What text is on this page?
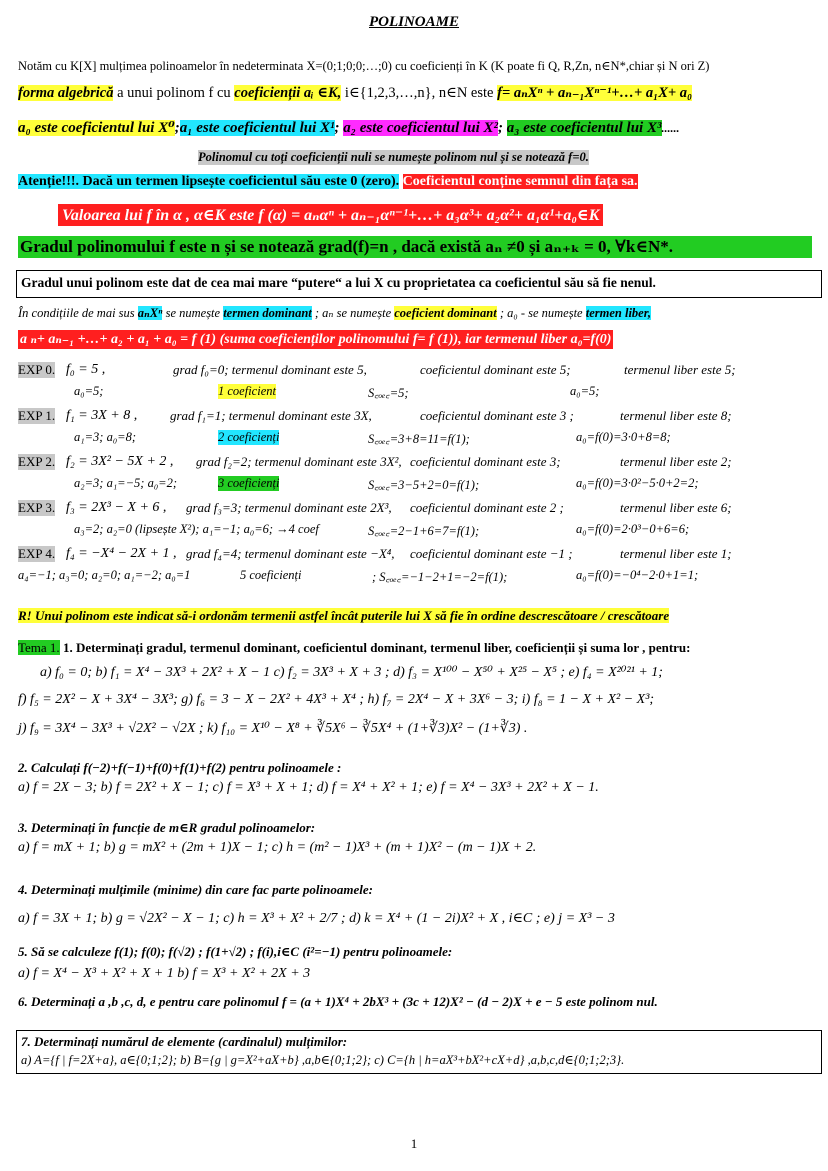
POLINOAME
Notăm cu K[X] mulțimea polinoamelor în nedeterminata X=(0;1;0;0;…;0) cu coeficienți în K (K poate fi Q, R,Zn, n∈N*,chiar și N ori Z)
forma algebrică a unui polinom f cu coeficienții aᵢ ∈K, i∈{1,2,3,…,n}, n∈N este f= aₙXⁿ + aₙ₋₁Xⁿ⁻¹+…+ a₁X+ a₀
a₀ este coeficientul lui X⁰;a₁ este coeficientul lui X¹; a₂ este coeficientul lui X²; a₃ este coeficientul lui X³......
Polinomul cu toți coeficienții nuli se numește polinom nul și se notează f=0.
Atenție!!!. Dacă un termen lipsește coeficientul său este 0 (zero). Coeficientul conține semnul din fața sa.
Valoarea lui f în α , α∈K este f (α) = aₙαⁿ + aₙ₋₁αⁿ⁻¹+…+ a₃α³+ a₂α²+ a₁α¹+a₀∈K
Gradul polinomului f este n și se notează grad(f)=n , dacă există aₙ ≠0 și aₙ₊ₖ = 0, ∀k∈N*.
Gradul unui polinom este dat de cea mai mare “putere“ a lui X cu proprietatea ca coeficientul său să fie nenul.
În condițiile de mai sus aₙXⁿ se numește termen dominant ; aₙ se numește coeficient dominant ; a₀ - se numește termen liber,
a ₙ+ aₙ₋₁ +…+ a₂ + a₁ + a₀ = f (1) (suma coeficienților polinomului f= f (1)), iar termenul liber a₀=f(0)
EXP 0. f₀ = 5 ,	grad f₀=0; termenul dominant este 5,	coeficientul dominant este 5;	termenul liber este 5;
a₀=5;	1 coeficient	S꜀ₒₑ꜀=5;	a₀=5;
EXP 1. f₁ = 3X + 8 ,	grad f₁=1; termenul dominant este 3X,	coeficientul dominant este 3 ;	termenul liber este 8;
a₁=3; a₀=8;	2 coeficienți	S꜀ₒₑ꜀=3+8=11=f(1);	a₀=f(0)=3·0+8=8;
EXP 2. f₂ = 3X² − 5X + 2 , grad f₂=2; termenul dominant este 3X², coeficientul dominant este 3;	termenul liber este 2;
a₂=3; a₁=−5; a₀=2;	3 coeficienți	S꜀ₒₑ꜀=3−5+2=0=f(1);	a₀=f(0)=3·0²−5·0+2=2;
EXP 3. f₃ = 2X³ − X + 6 , grad f₃=3; termenul dominant este 2X³, coeficientul dominant este 2 ;	termenul liber este 6;
a₃=2; a₂=0 (lipsește X²); a₁=−1; a₀=6; →4 coef	S꜀ₒₑ꜀=2−1+6=7=f(1);	a₀=f(0)=2·0³−0+6=6;
EXP 4. f₄ = −X⁴ − 2X + 1 , grad f₄=4; termenul dominant este −X⁴, coeficientul dominant este −1 ;	termenul liber este 1;
a₄=−1; a₃=0; a₂=0; a₁=−2; a₀=1	5 coeficienți	; S꜀ₒₑ꜀=−1−2+1=−2=f(1);	a₀=f(0)=−0⁴−2·0+1=1;
R! Unui polinom este indicat să-i ordonăm termenii astfel încât puterile lui X să fie în ordine descrescătoare / crescătoare
Tema 1. 1. Determinați gradul, termenul dominant, coeficientul dominant, termenul liber, coeficienții și suma lor , pentru:
a) f₀ = 0; b) f₁ = X⁴ − 3X³ + 2X² + X − 1 c) f₂ = 3X³ + X + 3 ; d) f₃ = X¹⁰⁰ − X⁵⁰ + X²⁵ − X⁵ ; e) f₄ = X²⁰²¹ + 1;
f) f₅ = 2X² − X + 3X⁴ − 3X³; g) f₆ = 3 − X − 2X² + 4X³ + X⁴ ; h) f₇ = 2X⁴ − X + 3X⁶ − 3; i) f₈ = 1 − X + X² − X³;
j) f₉ = 3X⁴ − 3X³ + √2X² − √2X ; k) f₁₀ = X¹⁰ − X⁸ + ∛5X⁶ − ∛5X⁴ + (1+∛3)X² − (1+∛3) .
2. Calculați f(−2)+f(−1)+f(0)+f(1)+f(2) pentru polinoamele :
a) f = 2X − 3; b) f = 2X² + X − 1; c) f = X³ + X + 1; d) f = X⁴ + X² + 1; e) f = X⁴ − 3X³ + 2X² + X − 1.
3. Determinați în funcție de m∈R gradul polinoamelor:
a) f = mX + 1; b) g = mX² + (2m + 1)X − 1; c) h = (m² − 1)X³ + (m + 1)X² − (m − 1)X + 2.
4. Determinați mulțimile (minime) din care fac parte polinoamele:
a) f = 3X + 1; b) g = √2X² − X − 1; c) h = X³ + X² + 2/7 ; d) k = X⁴ + (1 − 2i)X² + X , i∈C ; e) j = X³ − 3
5. Să se calculeze f(1); f(0); f(√2) ; f(1+√2) ; f(i),i∈C (i²=−1) pentru polinoamele:
a) f = X⁴ − X³ + X² + X + 1 b) f = X³ + X² + 2X + 3
6. Determinați a ,b ,c, d, e pentru care polinomul f = (a + 1)X⁴ + 2bX³ + (3c + 12)X² − (d − 2)X + e − 5 este polinom nul.
7. Determinați numărul de elemente (cardinalul) mulțimilor:
a) A={f | f=2X+a}, a∈{0;1;2}; b) B={g | g=X²+aX+b} ,a,b∈{0;1;2}; c) C={h | h=aX³+bX²+cX+d} ,a,b,c,d∈{0;1;2;3}.
1
